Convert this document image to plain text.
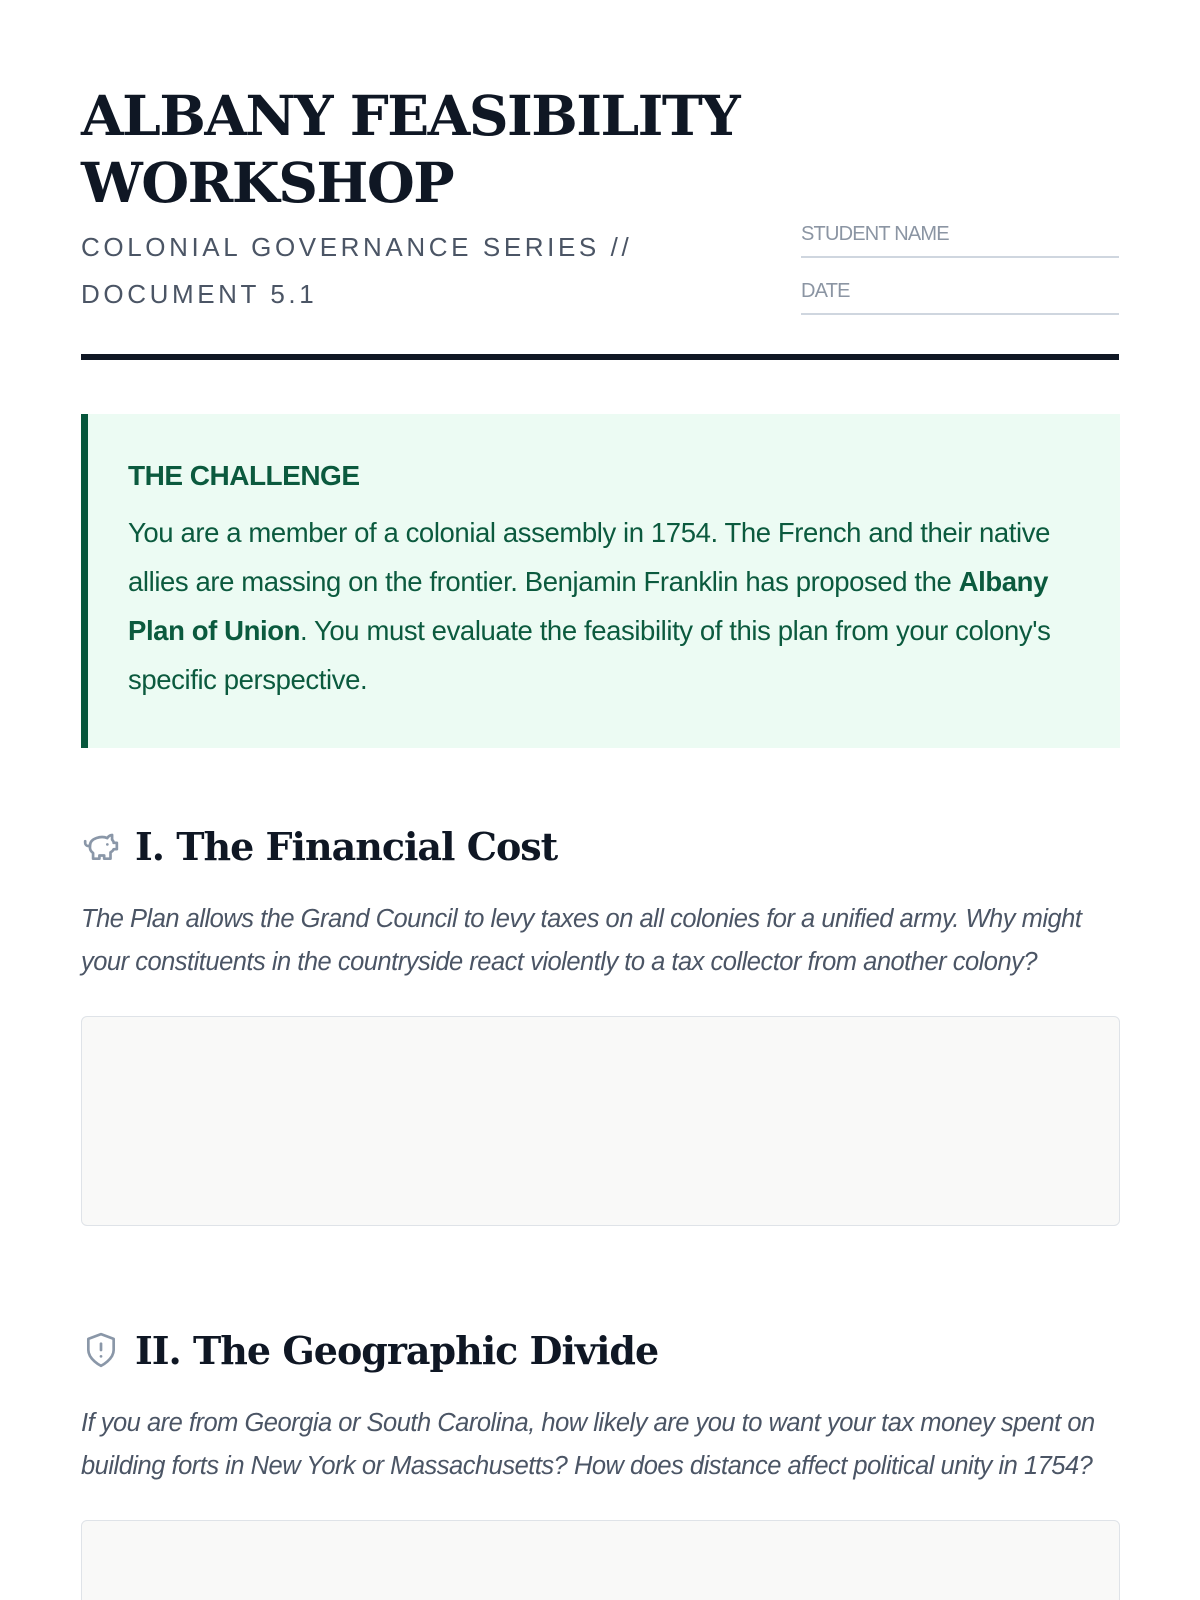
ALBANY FEASIBILITY
WORKSHOP
COLONIAL GOVERNANCE SERIES //
DOCUMENT 5.1
STUDENT NAME
DATE
THE CHALLENGE
You are a member of a colonial assembly in 1754. The French and their native allies are massing on the frontier. Benjamin Franklin has proposed the Albany Plan of Union. You must evaluate the feasibility of this plan from your colony's specific perspective.
I. The Financial Cost
The Plan allows the Grand Council to levy taxes on all colonies for a unified army. Why might your constituents in the countryside react violently to a tax collector from another colony?
II. The Geographic Divide
If you are from Georgia or South Carolina, how likely are you to want your tax money spent on building forts in New York or Massachusetts? How does distance affect political unity in 1754?
